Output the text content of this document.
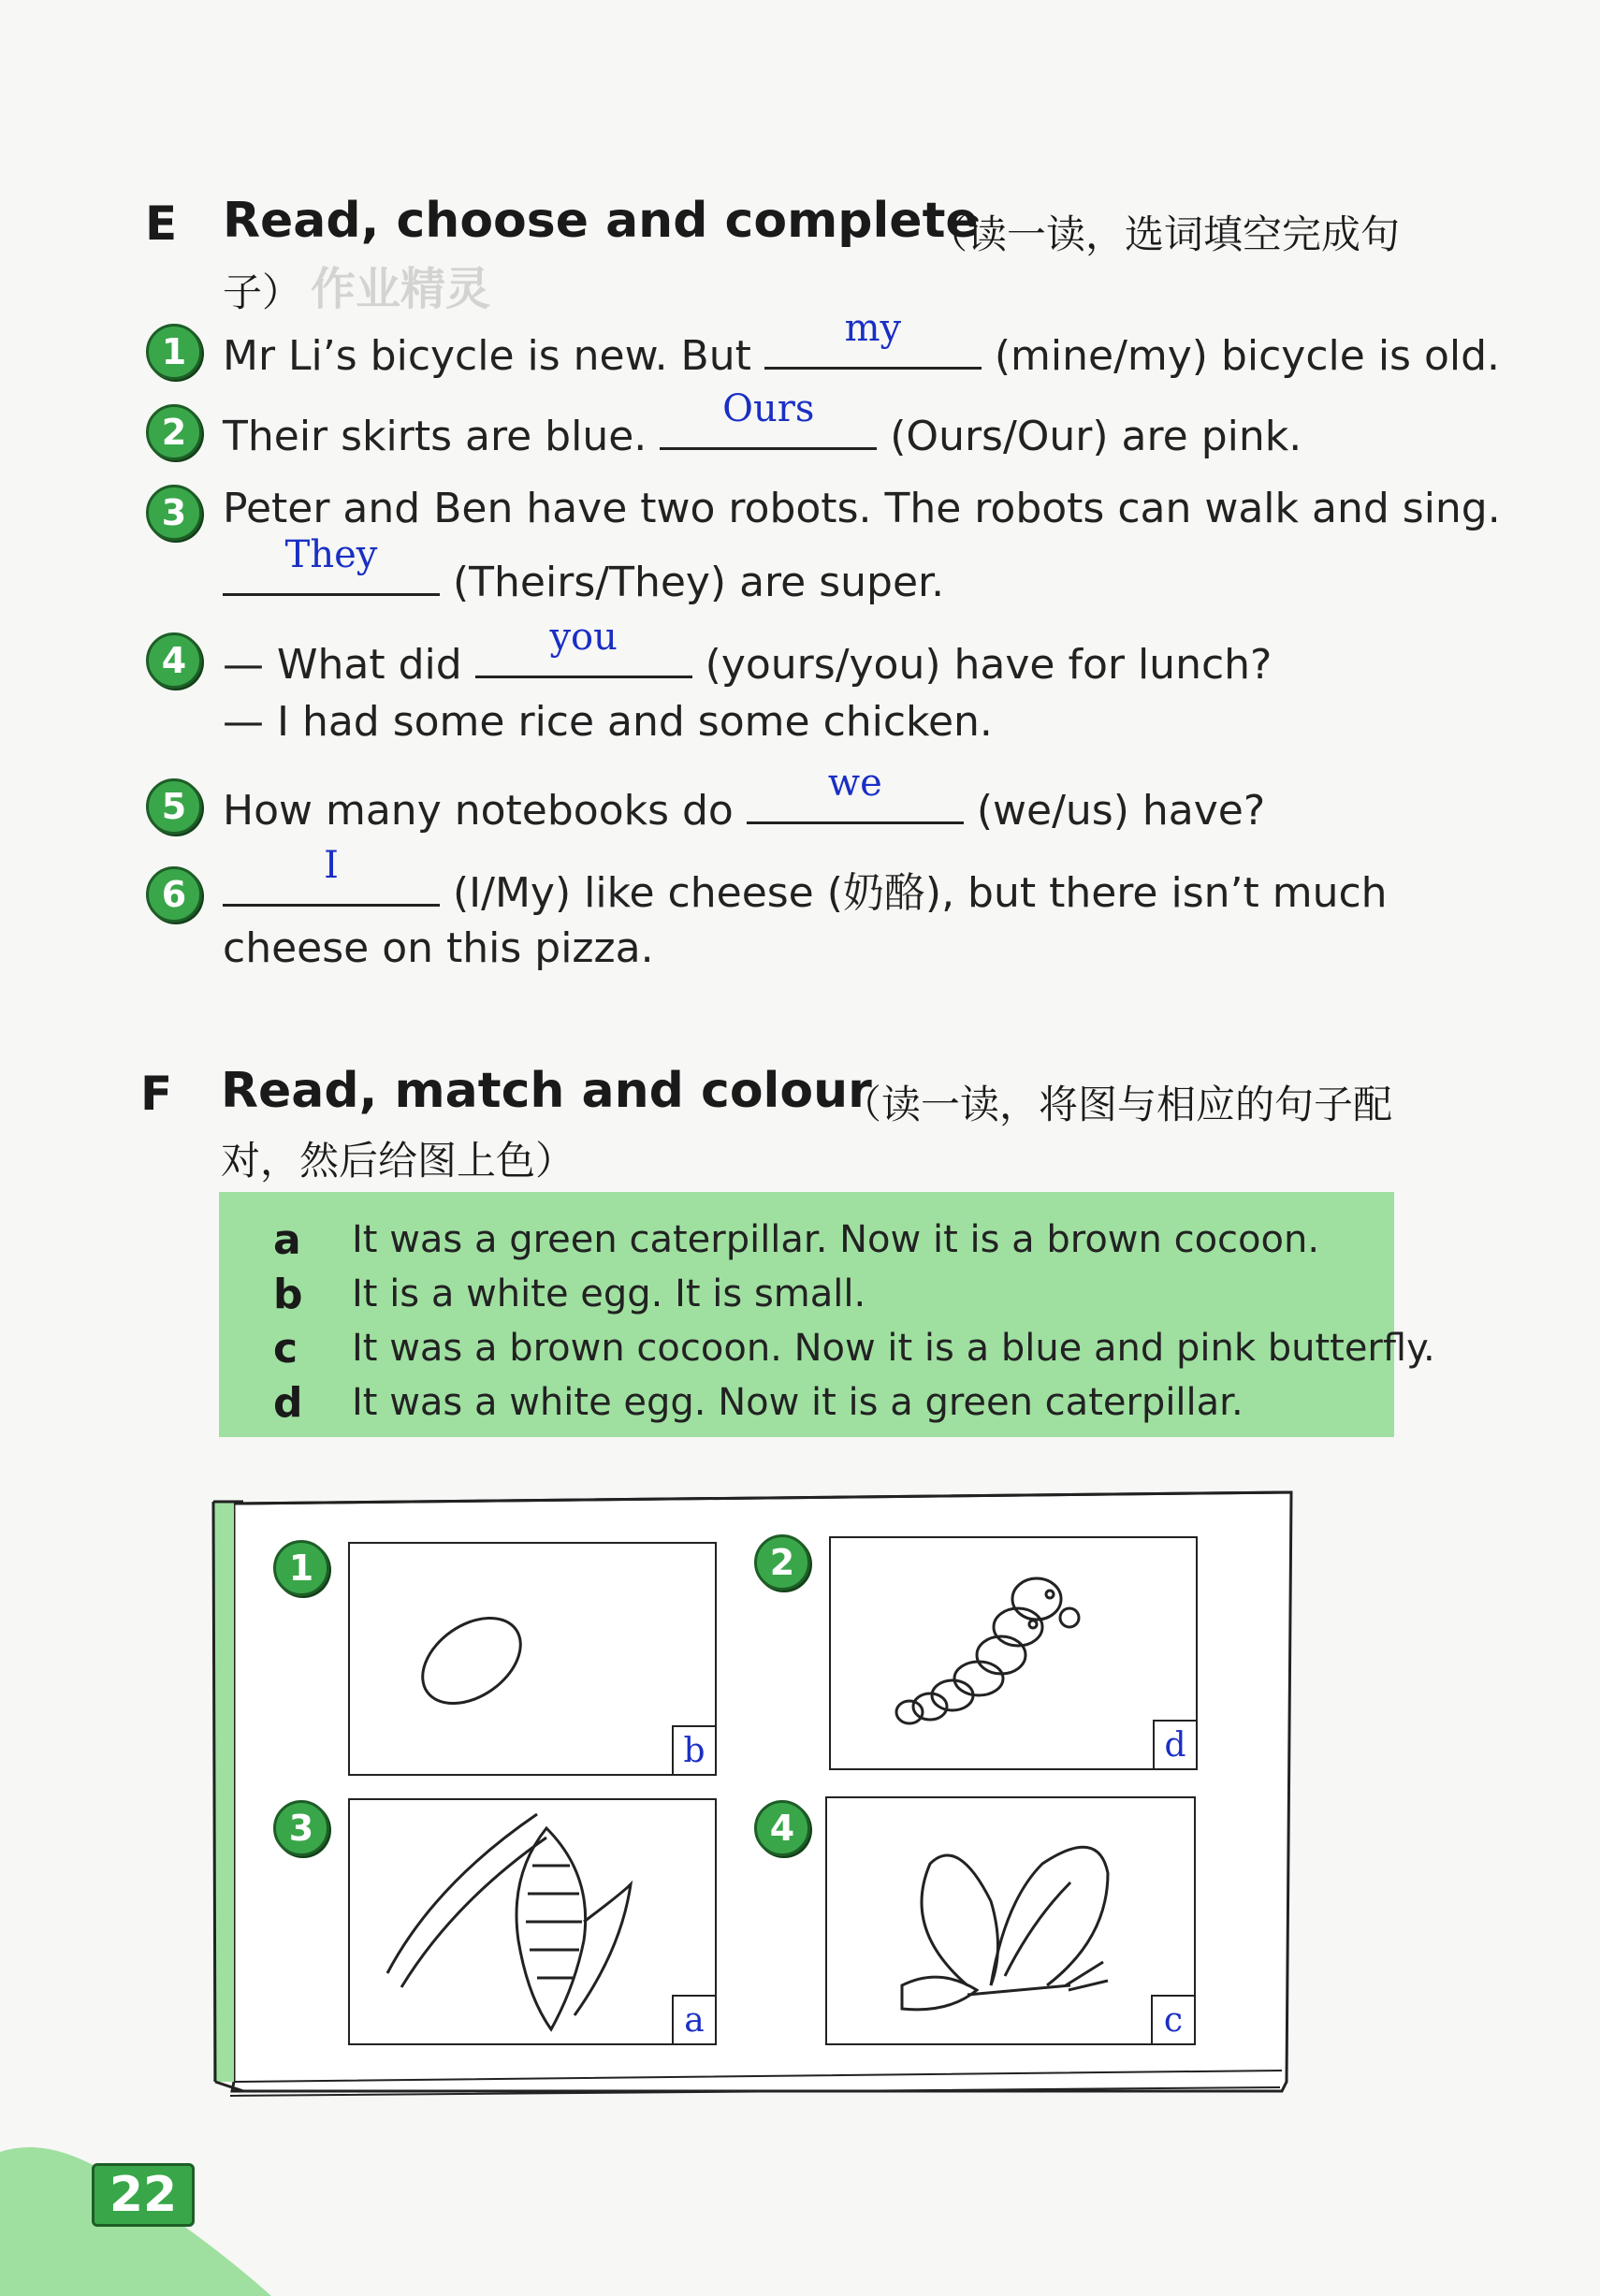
E Read, choose and complete
（读一读，选词填空完成句
子） 作业精灵
1 Mr Li’s bicycle is new. But
my
(mine/my) bicycle is old.
2 Their skirts are blue.
Ours
(Ours/Our) are pink.
3 Peter and Ben have two robots. The robots can walk and sing.
They
(Theirs/They) are super.
4 — What did
you
(yours/you) have for lunch?
— I had some rice and some chicken.
5 How many notebooks do
we
(we/us) have?
6
I
(I/My) like cheese (奶酪), but there isn’t much
cheese on this pizza.
F Read, match and colour
（读一读，将图与相应的句子配
对，然后给图上色）
a It was a green caterpillar. Now it is a brown cocoon.
b It is a white egg. It is small.
c It was a brown cocoon. Now it is a blue and pink butterfly.
d It was a white egg. Now it is a green caterpillar.
1
b
2
d
3
a
4
c
22
